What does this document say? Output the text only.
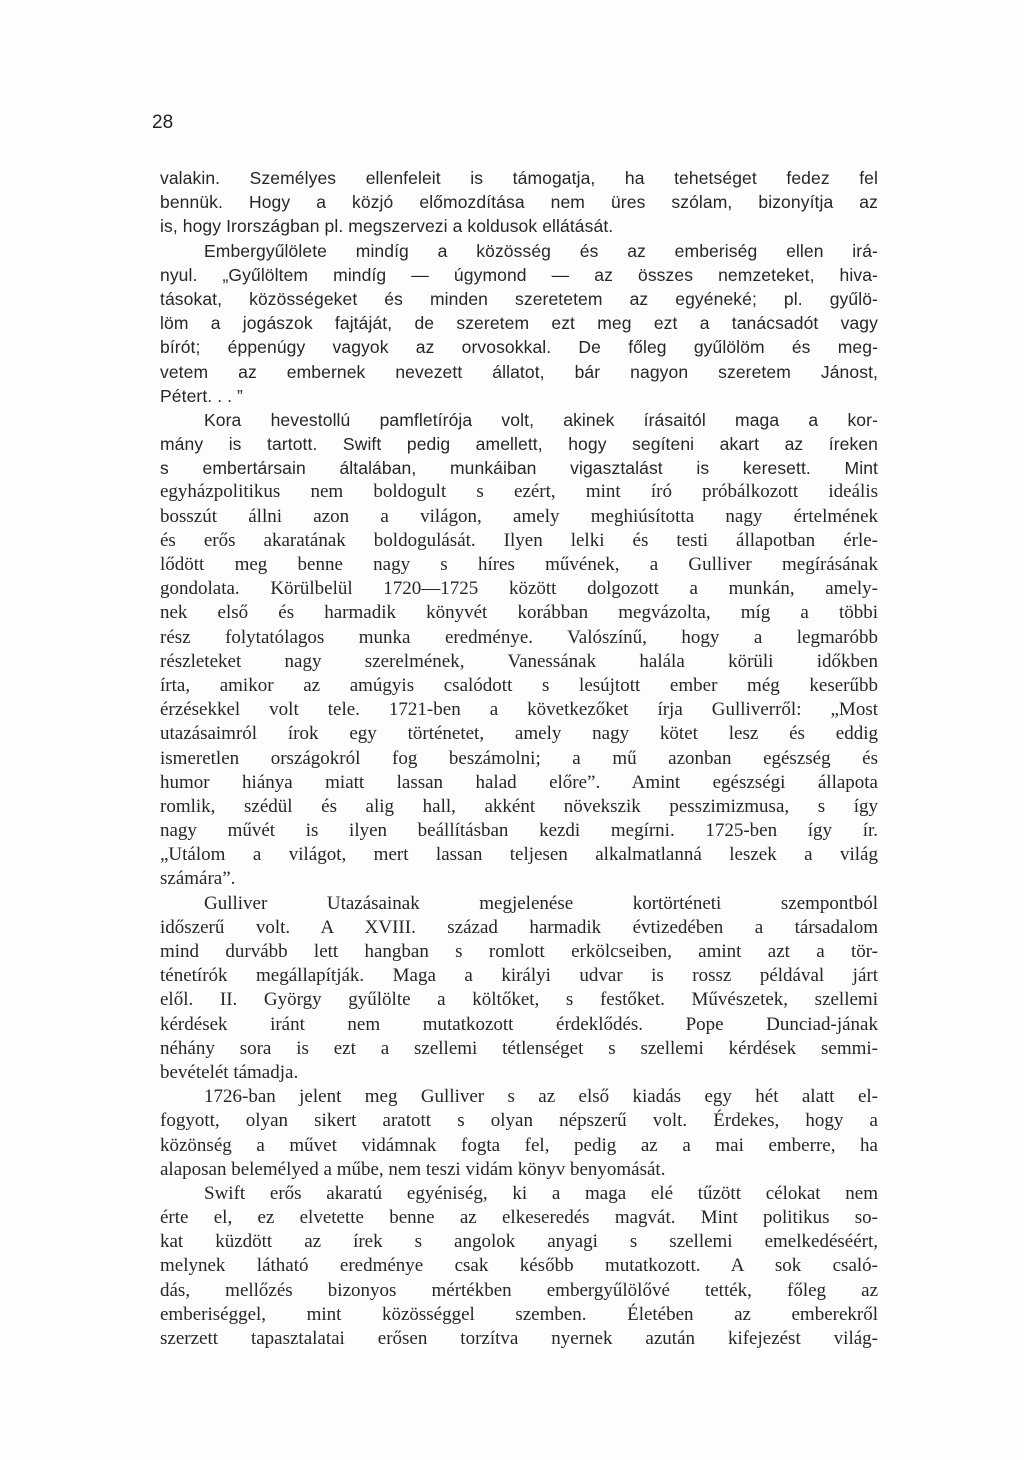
28
valakin. Személyes ellenfeleit is támogatja, ha tehetséget fedez fel
bennük. Hogy a közjó előmozdítása nem üres szólam, bizonyítja az
is, hogy Irországban pl. megszervezi a koldusok ellátását.
Embergyűlölete mindíg a közösség és az emberiség ellen irá-
nyul. „Gyűlöltem mindíg — úgymond — az összes nemzeteket, hiva-
tásokat, közösségeket és minden szeretetem az egyéneké; pl. gyűlö-
löm a jogászok fajtáját, de szeretem ezt meg ezt a tanácsadót vagy
bírót; éppenúgy vagyok az orvosokkal. De főleg gyűlölöm és meg-
vetem az embernek nevezett állatot, bár nagyon szeretem Jánost,
Pétert. . . ”
Kora hevestollú pamfletírója volt, akinek írásaitól maga a kor-
mány is tartott. Swift pedig amellett, hogy segíteni akart az íreken
s embertársain általában, munkáiban vigasztalást is keresett. Mint
egyházpolitikus nem boldogult s ezért, mint író próbálkozott ideális
bosszút állni azon a világon, amely meghiúsította nagy értelmének
és erős akaratának boldogulását. Ilyen lelki és testi állapotban érle-
lődött meg benne nagy s híres művének, a Gulliver megírásának
gondolata. Körülbelül 1720—1725 között dolgozott a munkán, amely-
nek első és harmadik könyvét korábban megvázolta, míg a többi
rész folytatólagos munka eredménye. Valószínű, hogy a legmaróbb
részleteket nagy szerelmének, Vanessának halála körüli időkben
írta, amikor az amúgyis csalódott s lesújtott ember még keserűbb
érzésekkel volt tele. 1721-ben a következőket írja Gulliverről: „Most
utazásaimról írok egy történetet, amely nagy kötet lesz és eddig
ismeretlen országokról fog beszámolni; a mű azonban egészség és
humor hiánya miatt lassan halad előre”. Amint egészségi állapota
romlik, szédül és alig hall, akként növekszik pesszimizmusa, s így
nagy művét is ilyen beállításban kezdi megírni. 1725-ben így ír.
„Utálom a világot, mert lassan teljesen alkalmatlanná leszek a világ
számára”.
Gulliver Utazásainak megjelenése kortörténeti szempontból
időszerű volt. A XVIII. század harmadik évtizedében a társadalom
mind durvább lett hangban s romlott erkölcseiben, amint azt a tör-
ténetírók megállapítják. Maga a királyi udvar is rossz példával járt
elől. II. György gyűlölte a költőket, s festőket. Művészetek, szellemi
kérdések iránt nem mutatkozott érdeklődés. Pope Dunciad-jának
néhány sora is ezt a szellemi tétlenséget s szellemi kérdések semmi-
bevételét támadja.
1726-ban jelent meg Gulliver s az első kiadás egy hét alatt el-
fogyott, olyan sikert aratott s olyan népszerű volt. Érdekes, hogy a
közönség a művet vidámnak fogta fel, pedig az a mai emberre, ha
alaposan belemélyed a műbe, nem teszi vidám könyv benyomását.
Swift erős akaratú egyéniség, ki a maga elé tűzött célokat nem
érte el, ez elvetette benne az elkeseredés magvát. Mint politikus so-
kat küzdött az írek s angolok anyagi s szellemi emelkedéséért,
melynek látható eredménye csak később mutatkozott. A sok csaló-
dás, mellőzés bizonyos mértékben embergyűlölővé tették, főleg az
emberiséggel, mint közösséggel szemben. Életében az emberekről
szerzett tapasztalatai erősen torzítva nyernek azután kifejezést világ-
